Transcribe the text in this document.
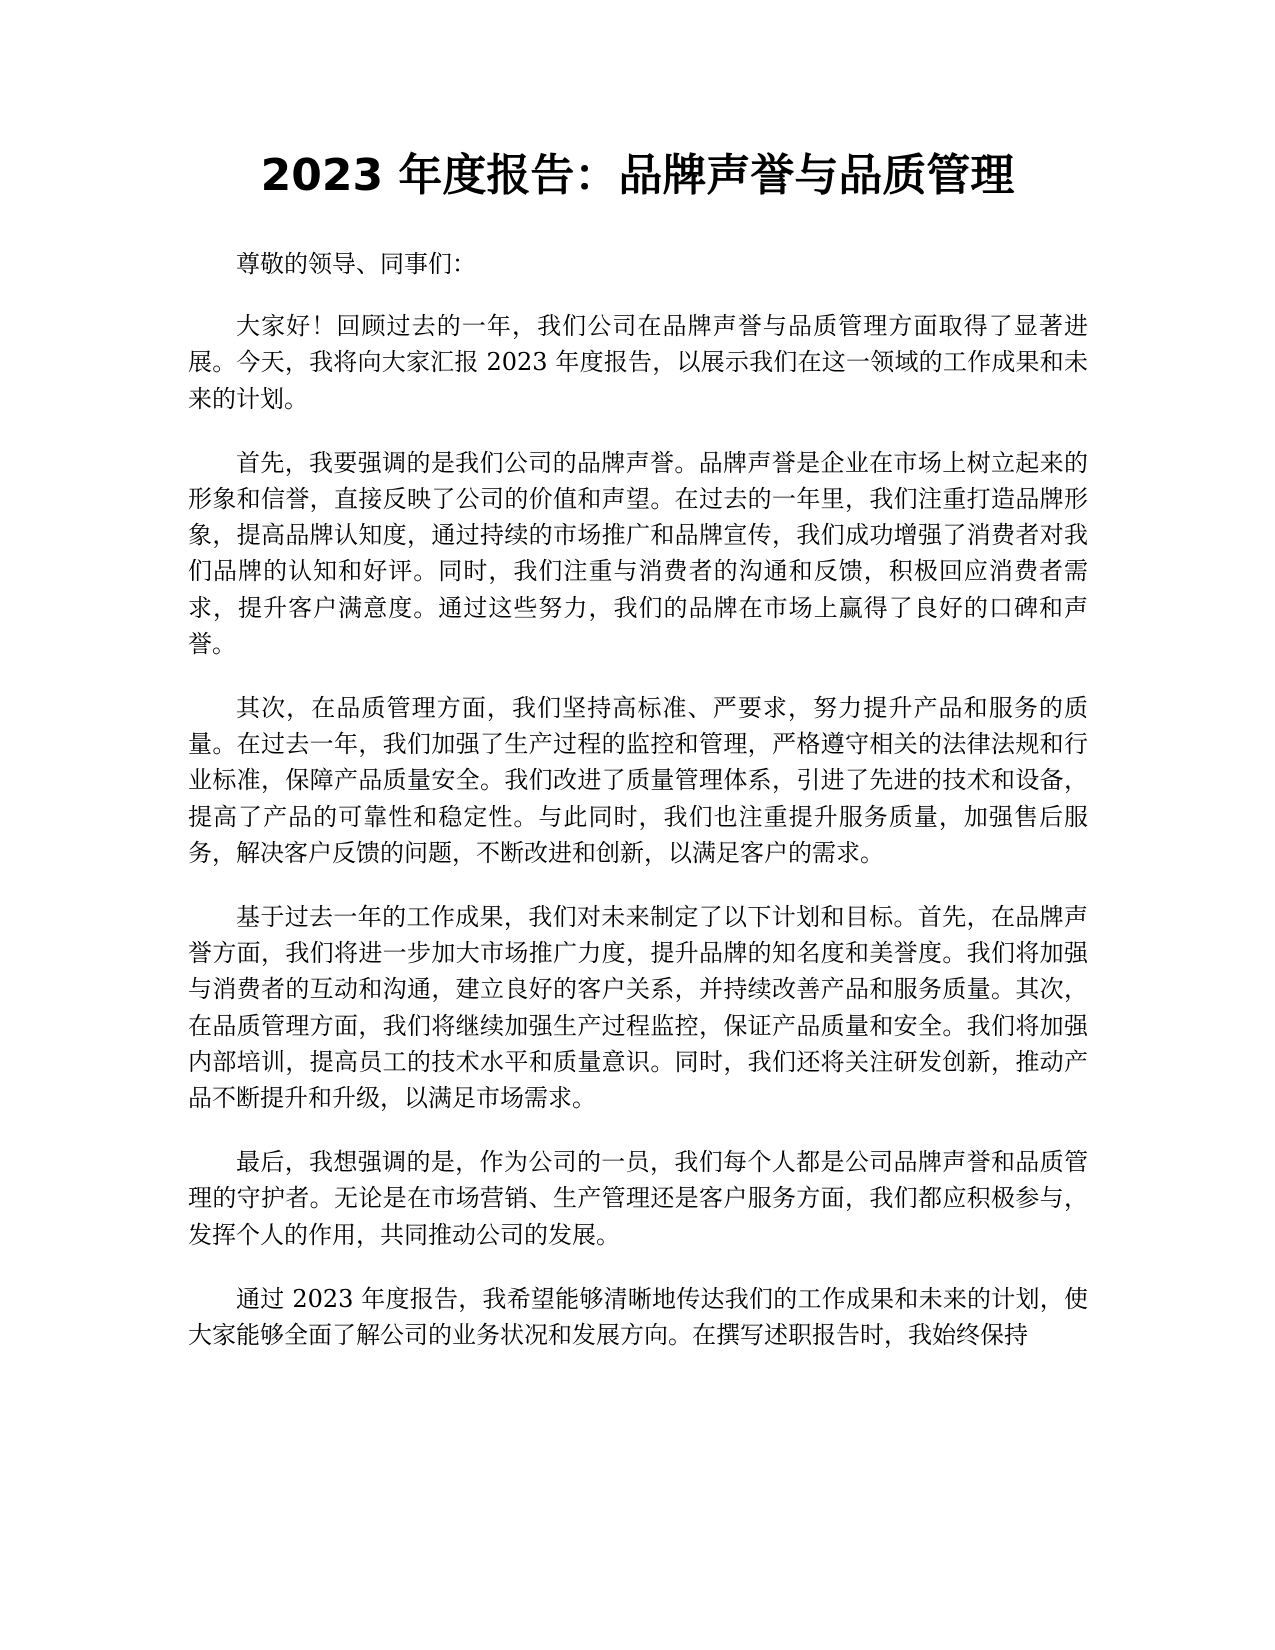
2023 年度报告：品牌声誉与品质管理

尊敬的领导、同事们：

大家好！回顾过去的一年，我们公司在品牌声誉与品质管理方面取得了显著进展。今天，我将向大家汇报 2023 年度报告，以展示我们在这一领域的工作成果和未来的计划。

首先，我要强调的是我们公司的品牌声誉。品牌声誉是企业在市场上树立起来的形象和信誉，直接反映了公司的价值和声望。在过去的一年里，我们注重打造品牌形象，提高品牌认知度，通过持续的市场推广和品牌宣传，我们成功增强了消费者对我们品牌的认知和好评。同时，我们注重与消费者的沟通和反馈，积极回应消费者需求，提升客户满意度。通过这些努力，我们的品牌在市场上赢得了良好的口碑和声誉。

其次，在品质管理方面，我们坚持高标准、严要求，努力提升产品和服务的质量。在过去一年，我们加强了生产过程的监控和管理，严格遵守相关的法律法规和行业标准，保障产品质量安全。我们改进了质量管理体系，引进了先进的技术和设备，提高了产品的可靠性和稳定性。与此同时，我们也注重提升服务质量，加强售后服务，解决客户反馈的问题，不断改进和创新，以满足客户的需求。

基于过去一年的工作成果，我们对未来制定了以下计划和目标。首先，在品牌声誉方面，我们将进一步加大市场推广力度，提升品牌的知名度和美誉度。我们将加强与消费者的互动和沟通，建立良好的客户关系，并持续改善产品和服务质量。其次，在品质管理方面，我们将继续加强生产过程监控，保证产品质量和安全。我们将加强内部培训，提高员工的技术水平和质量意识。同时，我们还将关注研发创新，推动产品不断提升和升级，以满足市场需求。

最后，我想强调的是，作为公司的一员，我们每个人都是公司品牌声誉和品质管理的守护者。无论是在市场营销、生产管理还是客户服务方面，我们都应积极参与，发挥个人的作用，共同推动公司的发展。

通过 2023 年度报告，我希望能够清晰地传达我们的工作成果和未来的计划，使大家能够全面了解公司的业务状况和发展方向。在撰写述职报告时，我始终保持
